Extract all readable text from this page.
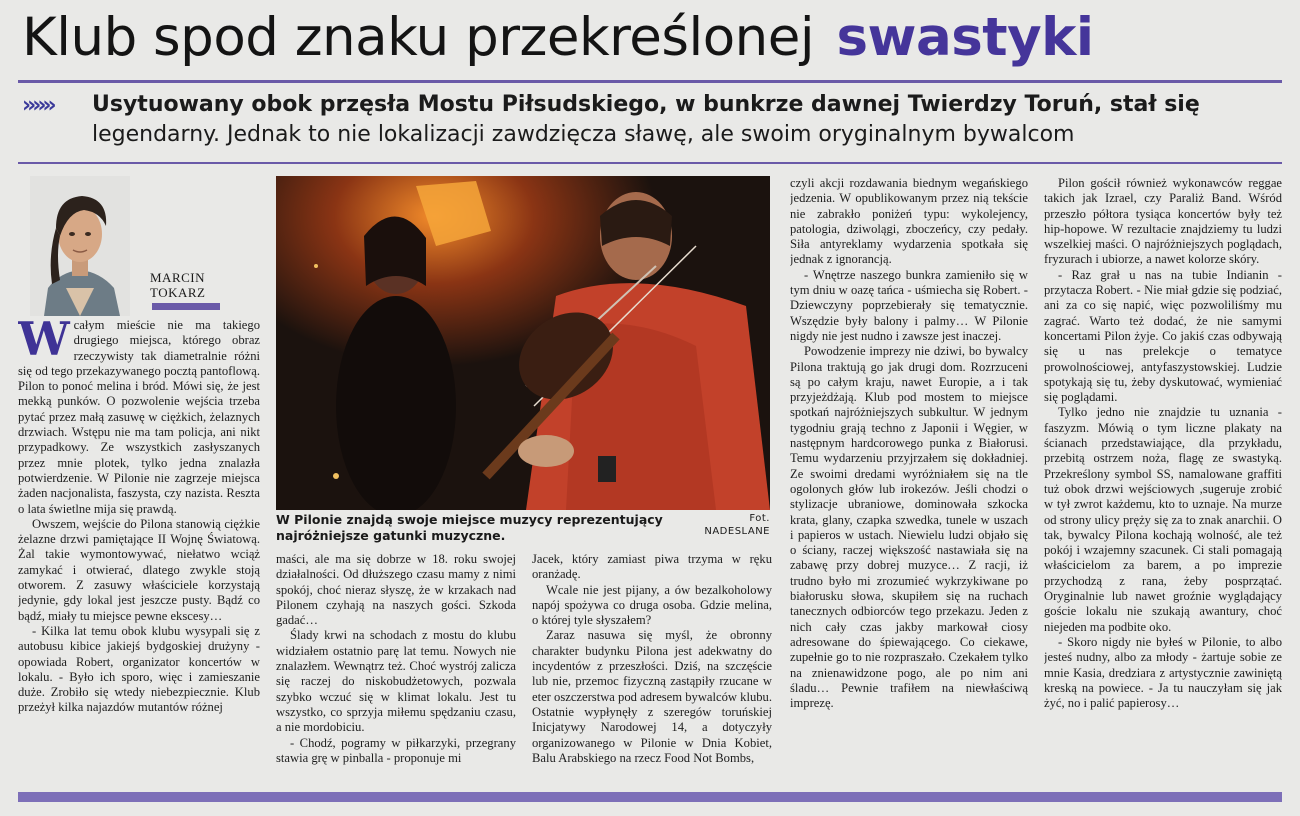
Klub spod znaku przekreślonej swastyki
»»»	Usytuowany obok przęsła Mostu Piłsudskiego, w bunkrze dawnej Twierdzy Toruń, stał się
legendarny. Jednak to nie lokalizacji zawdzięcza sławę, ale swoim oryginalnym bywalcom
MARCIN
TOKARZ

Wcałym mieście nie ma takiego drugiego miejsca, którego obraz rzeczywisty tak diametralnie różni się od tego przekazywanego pocztą pantoflową. Pilon to ponoć melina i bród. Mówi się, że jest mekką punków. O pozwolenie wejścia trzeba pytać przez małą zasuwę w ciężkich, żelaznych drzwiach. Wstępu nie ma tam policja, ani nikt przypadkowy. Ze wszystkich zasłyszanych przez mnie plotek, tylko jedna znalazła potwierdzenie. W Pilonie nie zagrzeje miejsca żaden nacjonalista, faszysta, czy nazista. Reszta o lata świetlne mija się prawdą.

Owszem, wejście do Pilona stanowią ciężkie żelazne drzwi pamiętające II Wojnę Światową. Żal takie wymontowywać, niełatwo wciąż zamykać i otwierać, dlatego zwykle stoją otworem. Z zasuwy właściciele korzystają jedynie, gdy lokal jest jeszcze pusty. Bądź co bądź, miały tu miejsce pewne ekscesy…

- Kilka lat temu obok klubu wysypali się z autobusu kibice jakiejś bydgoskiej drużyny - opowiada Robert, organizator koncertów w lokalu. - Było ich sporo, więc i zamieszanie duże. Zrobiło się wtedy niebezpiecznie. Klub przeżył kilka najazdów mutantów różnej

W Pilonie znajdą swoje miejsce muzycy reprezentujący najróżniejsze gatunki muzyczne.
Fot.
NADESLANE

maści, ale ma się dobrze w 18. roku swojej działalności. Od dłuższego czasu mamy z nimi spokój, choć nieraz słyszę, że w krzakach nad Pilonem czyhają na naszych gości. Szkoda gadać…

Ślady krwi na schodach z mostu do klubu widziałem ostatnio parę lat temu. Nowych nie znalazłem. Wewnątrz też. Choć wystrój zalicza się raczej do niskobudżetowych, pozwala szybko wczuć się w klimat lokalu. Jest tu wszystko, co sprzyja miłemu spędzaniu czasu, a nie mordobiciu.

- Chodź, pogramy w piłkarzyki, przegrany stawia grę w pinballa - proponuje mi

Jacek, który zamiast piwa trzyma w ręku oranżadę.

Wcale nie jest pijany, a ów bezalkoholowy napój spożywa co druga osoba. Gdzie melina, o której tyle słyszałem?

Zaraz nasuwa się myśl, że obronny charakter budynku Pilona jest adekwatny do incydentów z przeszłości. Dziś, na szczęście lub nie, przemoc fizyczną zastąpiły rzucane w eter oszczerstwa pod adresem bywalców klubu. Ostatnie wypłynęły z szeregów toruńskiej Inicjatywy Narodowej 14, a dotyczyły organizowanego w Pilonie w Dnia Kobiet, Balu Arabskiego na rzecz Food Not Bombs,

czyli akcji rozdawania biednym wegańskiego jedzenia. W opublikowanym przez nią tekście nie zabrakło poniżeń typu: wykolejency, patologia, dziwolągi, zboczeńcy, czy pedały. Siła antyreklamy wydarzenia spotkała się jednak z ignorancją.

- Wnętrze naszego bunkra zamieniło się w tym dniu w oazę tańca - uśmiecha się Robert. - Dziewczyny poprzebierały się tematycznie. Wszędzie były balony i palmy… W Pilonie nigdy nie jest nudno i zawsze jest inaczej.

Powodzenie imprezy nie dziwi, bo bywalcy Pilona traktują go jak drugi dom. Rozrzuceni są po całym kraju, nawet Europie, a i tak przyjeżdżają. Klub pod mostem to miejsce spotkań najróżniejszych subkultur. W jednym tygodniu grają techno z Japonii i Węgier, w następnym hardcorowego punka z Białorusi. Temu wydarzeniu przyjrzałem się dokładniej. Ze swoimi dredami wyróżniałem się na tle ogolonych głów lub irokezów. Jeśli chodzi o stylizacje ubraniowe, dominowała szkocka krata, glany, czapka szwedka, tunele w uszach i papieros w ustach. Niewielu ludzi objało się o ściany, raczej większość nastawiała się na zabawę przy dobrej muzyce… Z racji, iż trudno było mi zrozumieć wykrzykiwane po białorusku słowa, skupiłem się na ruchach tanecznych odbiorców tego przekazu. Jeden z nich cały czas jakby markował ciosy adresowane do śpiewającego. Co ciekawe, zupełnie go to nie rozpraszało. Czekałem tylko na znienawidzone pogo, ale po nim ani śladu… Pewnie trafiłem na niewłaściwą imprezę.

Pilon gościł również wykonawców reggae takich jak Izrael, czy Paraliż Band. Wśród przeszło półtora tysiąca koncertów były też hip-hopowe. W rezultacie znajdziemy tu ludzi wszelkiej maści. O najróżniejszych poglądach, fryzurach i ubiorze, a nawet kolorze skóry.

- Raz grał u nas na tubie Indianin - przytacza Robert. - Nie miał gdzie się podziać, ani za co się napić, więc pozwoliliśmy mu zagrać. Warto też dodać, że nie samymi koncertami Pilon żyje. Co jakiś czas odbywają się u nas prelekcje o tematyce prowolnościowej, antyfaszystowskiej. Ludzie spotykają się tu, żeby dyskutować, wymieniać się poglądami.

Tylko jedno nie znajdzie tu uznania - faszyzm. Mówią o tym liczne plakaty na ścianach przedstawiające, dla przykładu, przebitą ostrzem noża, flagę ze swastyką. Przekreślony symbol SS, namalowane graffiti tuż obok drzwi wejściowych ,sugeruje zrobić w tył zwrot każdemu, kto to uznaje. Na murze od strony ulicy pręży się za to znak anarchii. O tak, bywalcy Pilona kochają wolność, ale też pokój i wzajemny szacunek. Ci stali pomagają właścicielom za barem, a po imprezie przychodzą z rana, żeby posprzątać. Oryginalnie lub nawet groźnie wyglądający goście lokalu nie szukają awantury, choć niejeden ma podbite oko.

- Skoro nigdy nie byłeś w Pilonie, to albo jesteś nudny, albo za młody - żartuje sobie ze mnie Kasia, dredziara z artystycznie zawiniętą kreską na powiece. - Ja tu nauczyłam się jak żyć, no i palić papierosy…
